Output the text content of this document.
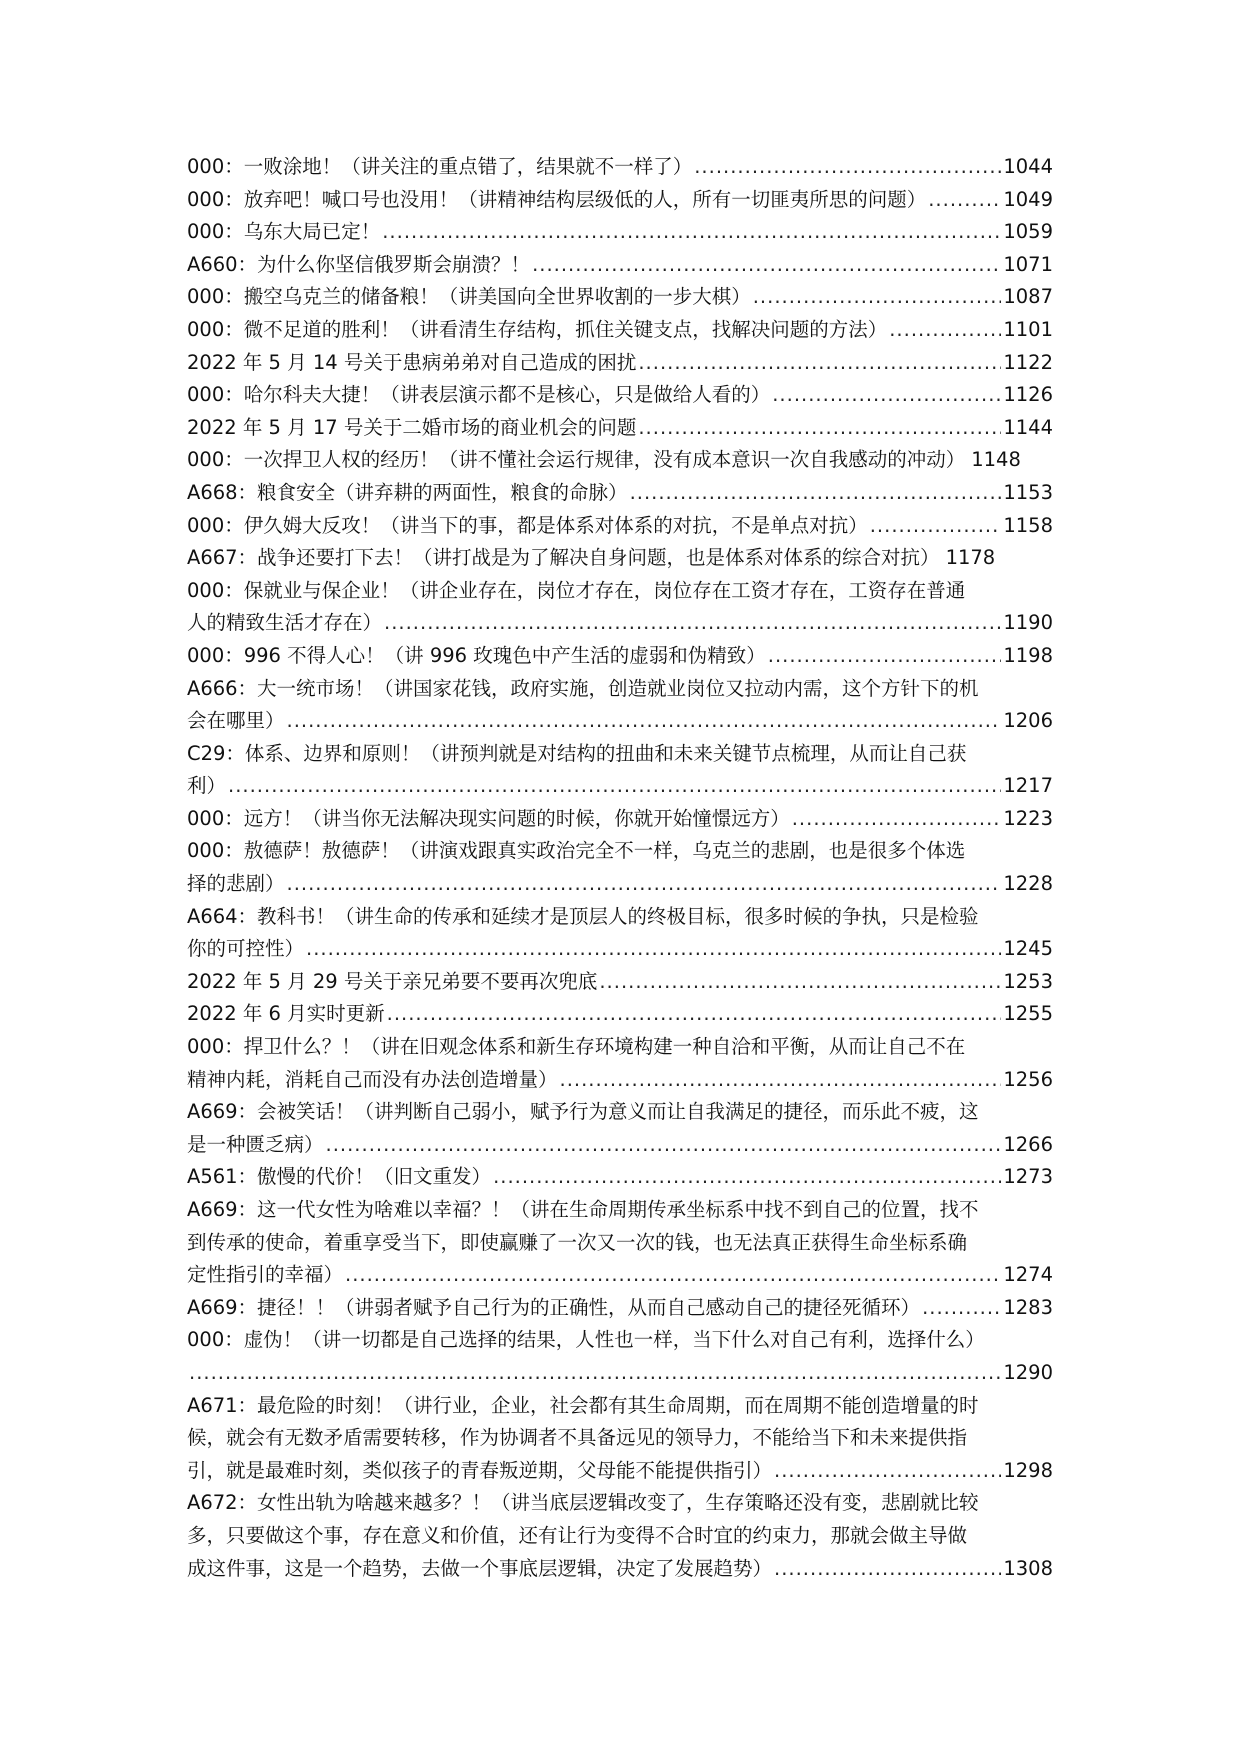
000：一败涂地！（讲关注的重点错了，结果就不一样了） .....	1044
000：放弃吧！喊口号也没用！（讲精神结构层级低的人，所有一切匪夷所思的问题） .....	1049
000：乌东大局已定！ .....	1059
A660：为什么你坚信俄罗斯会崩溃？！ .....	1071
000：搬空乌克兰的储备粮！（讲美国向全世界收割的一步大棋） .....	1087
000：微不足道的胜利！（讲看清生存结构，抓住关键支点，找解决问题的方法） .....	1101
2022 年 5 月 14 号关于患病弟弟对自己造成的困扰 .....	1122
000：哈尔科夫大捷！（讲表层演示都不是核心，只是做给人看的） .....	1126
2022 年 5 月 17 号关于二婚市场的商业机会的问题 .....	1144
000：一次捍卫人权的经历！（讲不懂社会运行规律，没有成本意识一次自我感动的冲动） 1148
A668：粮食安全（讲弃耕的两面性，粮食的命脉） .....	1153
000：伊久姆大反攻！（讲当下的事，都是体系对体系的对抗，不是单点对抗） .....	1158
A667：战争还要打下去！（讲打战是为了解决自身问题，也是体系对体系的综合对抗） 1178
000：保就业与保企业！（讲企业存在，岗位才存在，岗位存在工资才存在，工资存在普通
人的精致生活才存在） .....	1190
000：996 不得人心！（讲 996 玫瑰色中产生活的虚弱和伪精致） .....	1198
A666：大一统市场！（讲国家花钱，政府实施，创造就业岗位又拉动内需，这个方针下的机
会在哪里） .....	1206
C29：体系、边界和原则！（讲预判就是对结构的扭曲和未来关键节点梳理，从而让自己获
利） .....	1217
000：远方！（讲当你无法解决现实问题的时候，你就开始憧憬远方） .....	1223
000：敖德萨！敖德萨！（讲演戏跟真实政治完全不一样，乌克兰的悲剧，也是很多个体选
择的悲剧） .....	1228
A664：教科书！（讲生命的传承和延续才是顶层人的终极目标，很多时候的争执，只是检验
你的可控性） .....	1245
2022 年 5 月 29 号关于亲兄弟要不要再次兜底 .....	1253
2022 年 6 月实时更新 .....	1255
000：捍卫什么？！（讲在旧观念体系和新生存环境构建一种自洽和平衡，从而让自己不在
精神内耗，消耗自己而没有办法创造增量） .....	1256
A669：会被笑话！（讲判断自己弱小，赋予行为意义而让自我满足的捷径，而乐此不疲，这
是一种匮乏病） .....	1266
A561：傲慢的代价！（旧文重发） .....	1273
A669：这一代女性为啥难以幸福？！（讲在生命周期传承坐标系中找不到自己的位置，找不
到传承的使命，着重享受当下，即使赢赚了一次又一次的钱，也无法真正获得生命坐标系确
定性指引的幸福） .....	1274
A669：捷径！！（讲弱者赋予自己行为的正确性，从而自己感动自己的捷径死循环） .....	1283
000：虚伪！（讲一切都是自己选择的结果，人性也一样，当下什么对自己有利，选择什么）
.....
1290
A671：最危险的时刻！（讲行业，企业，社会都有其生命周期，而在周期不能创造增量的时
候，就会有无数矛盾需要转移，作为协调者不具备远见的领导力，不能给当下和未来提供指
引，就是最难时刻，类似孩子的青春叛逆期，父母能不能提供指引） .....	1298
A672：女性出轨为啥越来越多？！（讲当底层逻辑改变了，生存策略还没有变，悲剧就比较
多，只要做这个事，存在意义和价值，还有让行为变得不合时宜的约束力，那就会做主导做
成这件事，这是一个趋势，去做一个事底层逻辑，决定了发展趋势） .....	1308
